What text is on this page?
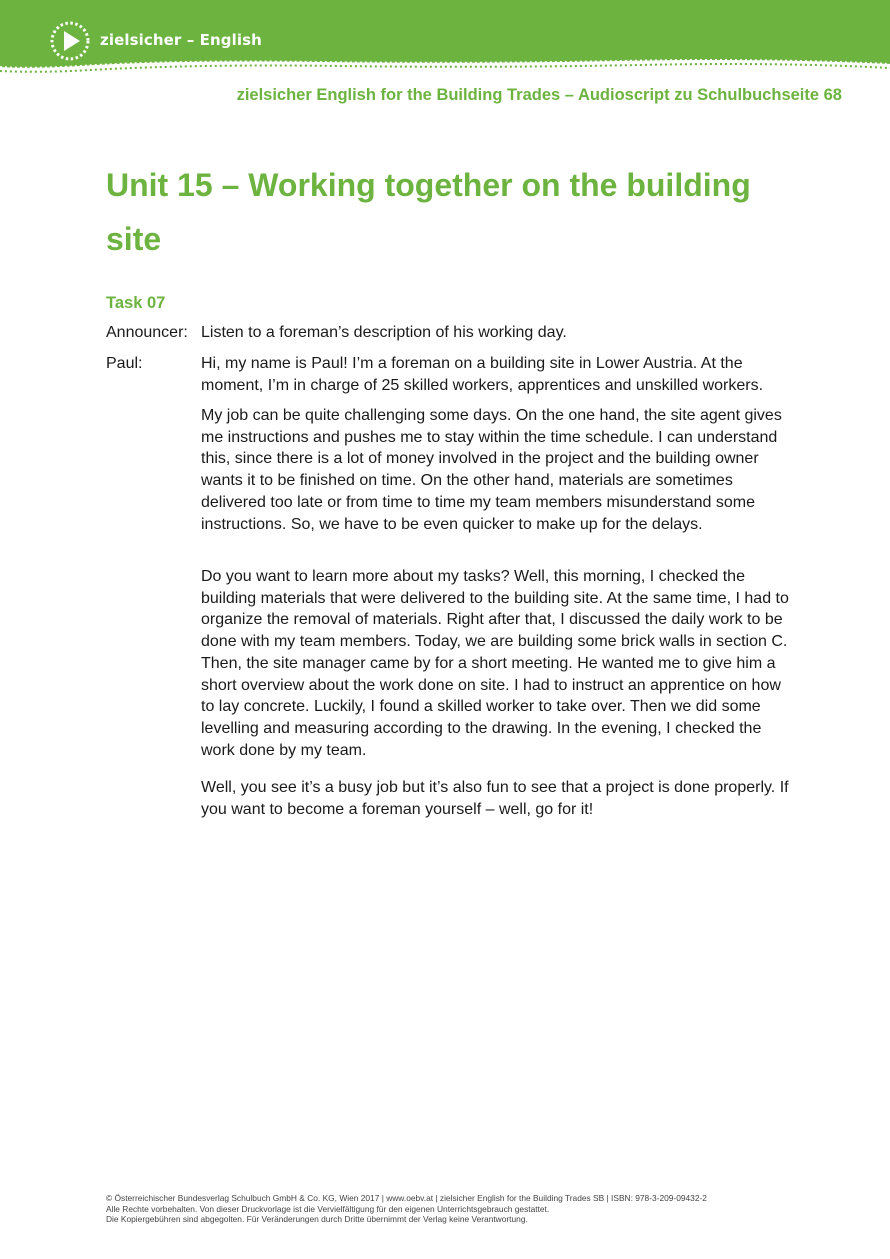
zielsicher – English
zielsicher English for the Building Trades – Audioscript zu Schulbuchseite 68
Unit 15 – Working together on the building site
Task 07
Announcer: Listen to a foreman’s description of his working day.

Paul:	Hi, my name is Paul! I’m a foreman on a building site in Lower Austria. At the moment, I’m in charge of 25 skilled workers, apprentices and unskilled workers.

My job can be quite challenging some days. On the one hand, the site agent gives me instructions and pushes me to stay within the time schedule. I can understand this, since there is a lot of money involved in the project and the building owner wants it to be finished on time. On the other hand, materials are sometimes delivered too late or from time to time my team members misunderstand some instructions. So, we have to be even quicker to make up for the delays.

Do you want to learn more about my tasks? Well, this morning, I checked the building materials that were delivered to the building site. At the same time, I had to organize the removal of materials. Right after that, I discussed the daily work to be done with my team members. Today, we are building some brick walls in section C. Then, the site manager came by for a short meeting. He wanted me to give him a short overview about the work done on site. I had to instruct an apprentice on how to lay concrete. Luckily, I found a skilled worker to take over. Then we did some levelling and measuring according to the drawing. In the evening, I checked the work done by my team.

Well, you see it’s a busy job but it’s also fun to see that a project is done properly. If you want to become a foreman yourself – well, go for it!

© Österreichischer Bundesverlag Schulbuch GmbH & Co. KG, Wien 2017 | www.oebv.at | zielsicher English for the Building Trades SB | ISBN: 978-3-209-09432-2
Alle Rechte vorbehalten. Von dieser Druckvorlage ist die Vervielfältigung für den eigenen Unterrichtsgebrauch gestattet.
Die Kopiergebühren sind abgegolten. Für Veränderungen durch Dritte übernimmt der Verlag keine Verantwortung.
